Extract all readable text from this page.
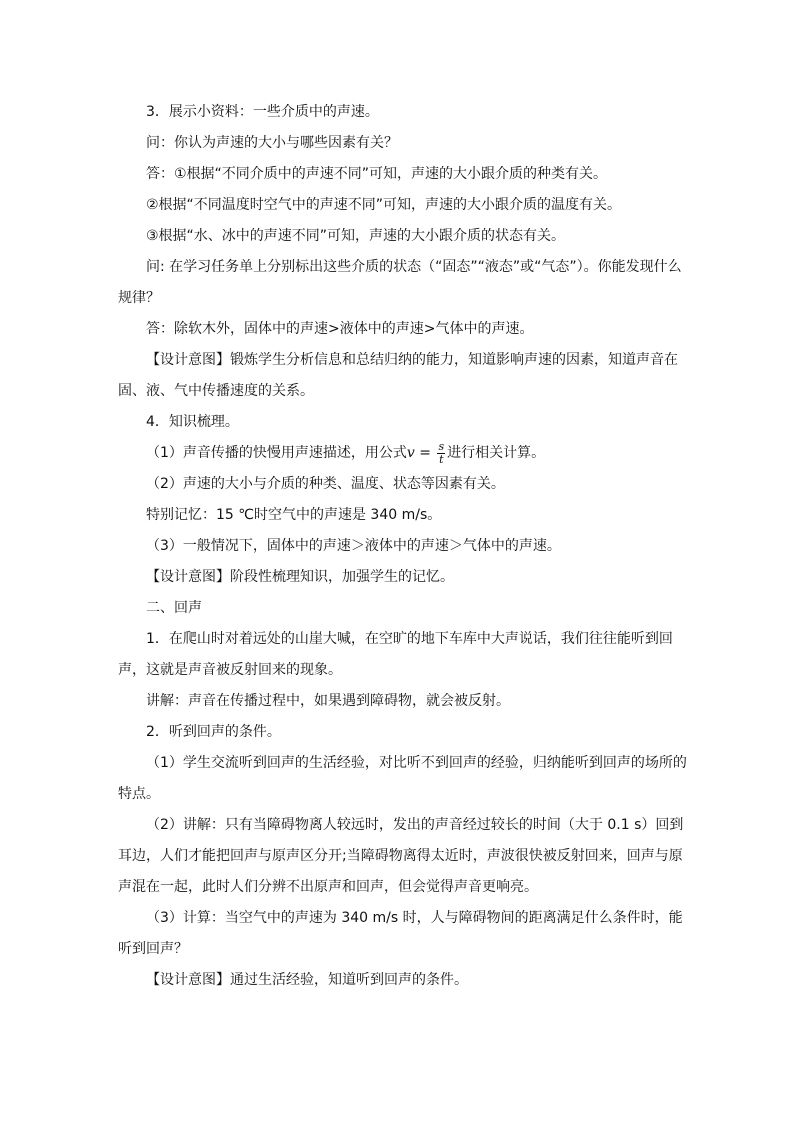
3．展示小资料：一些介质中的声速。

问：你认为声速的大小与哪些因素有关？

答：①根据“不同介质中的声速不同”可知，声速的大小跟介质的种类有关。

②根据“不同温度时空气中的声速不同”可知，声速的大小跟介质的温度有关。

③根据“水、冰中的声速不同”可知，声速的大小跟介质的状态有关。

问: 在学习任务单上分别标出这些介质的状态（“固态”“液态”或“气态”）。你能发现什么规律？

答：除软木外，固体中的声速>液体中的声速>气体中的声速。

【设计意图】锻炼学生分析信息和总结归纳的能力，知道影响声速的因素，知道声音在固、液、气中传播速度的关系。

4．知识梳理。

（1）声音传播的快慢用声速描述，用公式$v = \frac{s}{t}$ 进行相关计算。

（2）声速的大小与介质的种类、温度、状态等因素有关。

特别记忆：15 ℃时空气中的声速是 340 m/s。

（3）一般情况下，固体中的声速＞液体中的声速＞气体中的声速。

【设计意图】阶段性梳理知识，加强学生的记忆。

二、回声

1．在爬山时对着远处的山崖大喊，在空旷的地下车库中大声说话，我们往往能听到回声，这就是声音被反射回来的现象。

讲解：声音在传播过程中，如果遇到障碍物，就会被反射。

2．听到回声的条件。

（1）学生交流听到回声的生活经验，对比听不到回声的经验，归纳能听到回声的场所的特点。

（2）讲解：只有当障碍物离人较远时，发出的声音经过较长的时间（大于 0.1 s）回到耳边，人们才能把回声与原声区分开;当障碍物离得太近时，声波很快被反射回来，回声与原声混在一起，此时人们分辨不出原声和回声，但会觉得声音更响亮。

（3）计算：当空气中的声速为 340 m/s 时，人与障碍物间的距离满足什么条件时，能听到回声？

【设计意图】通过生活经验，知道听到回声的条件。
